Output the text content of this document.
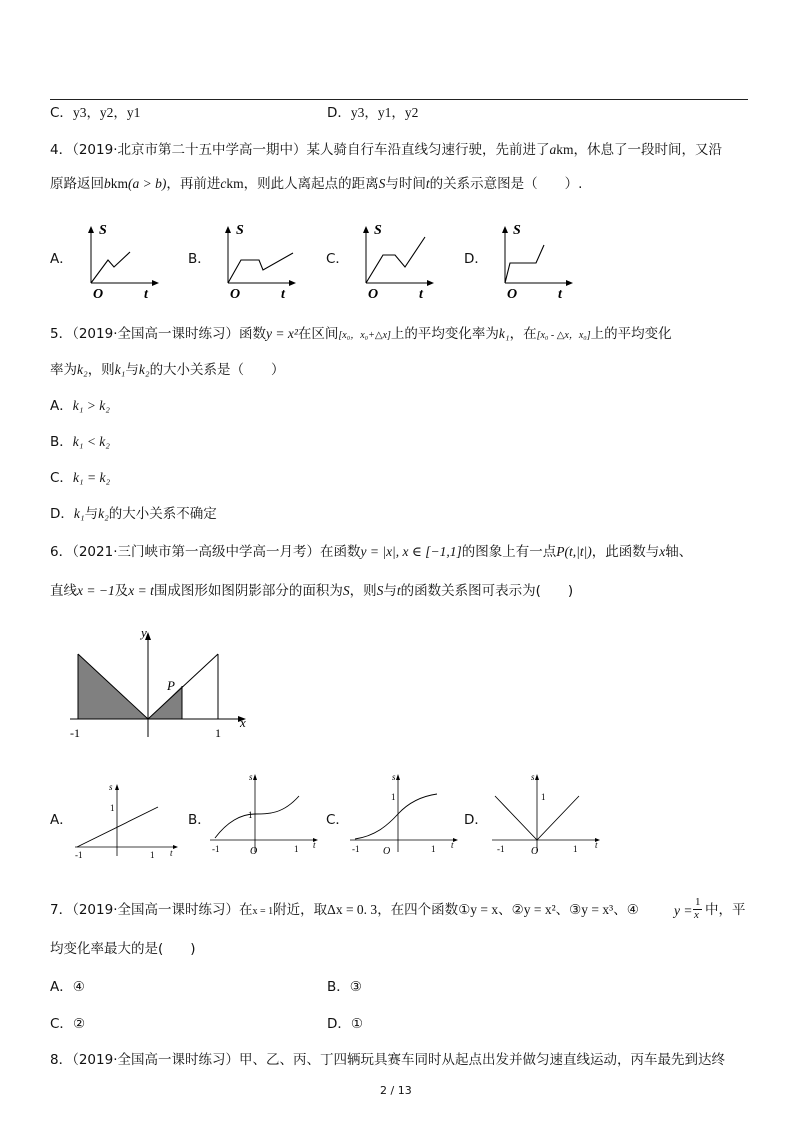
C．y3，y2，y1	D．y3，y1，y2
4．（2019·北京市第二十五中学高一期中）某人骑自行车沿直线匀速行驶，先前进了akm，休息了一段时间，又沿
原路返回bkm(a > b)，再前进ckm，则此人离起点的距离S与时间t的关系示意图是（　　）.
A．	B．	C．	D．
S
O	t
S
O	t
S
O	t
S
O	t
5．（2019·全国高一课时练习）函数y = x²在区间[x₀，x₀+△x]上的平均变化率为k₁，在[x₀ - △x，x₀]上的平均变化
率为k₂，则k₁与k₂的大小关系是（　　）
A．k₁ > k₂
B．k₁ < k₂
C．k₁ = k₂
D．k₁与k₂的大小关系不确定
6．（2021·三门峡市第一高级中学高一月考）在函数y = |x|, x ∈ [−1,1]的图象上有一点P(t,|t|)，此函数与x轴、
直线x = −1及x = t围成图形如图阴影部分的面积为S，则S与t的函数关系图可表示为(　　)
y
x
P
-1	1
A．	B．	C．	D．
s
1
-1	1 t
s
1
-1	O	1 t
s
1
-1 O	1 t
s
1
-1	O	1 t
7．（2019·全国高一课时练习）在x = 1附近，取Δx = 0. 3，在四个函数①y = x、②y = x²、③y = x³、④	y =
1
x 中，平
均变化率最大的是(　　)
A．④	B．③
C．②	D．①
8．（2019·全国高一课时练习）甲、乙、丙、丁四辆玩具赛车同时从起点出发并做匀速直线运动，丙车最先到达终
2 / 13
